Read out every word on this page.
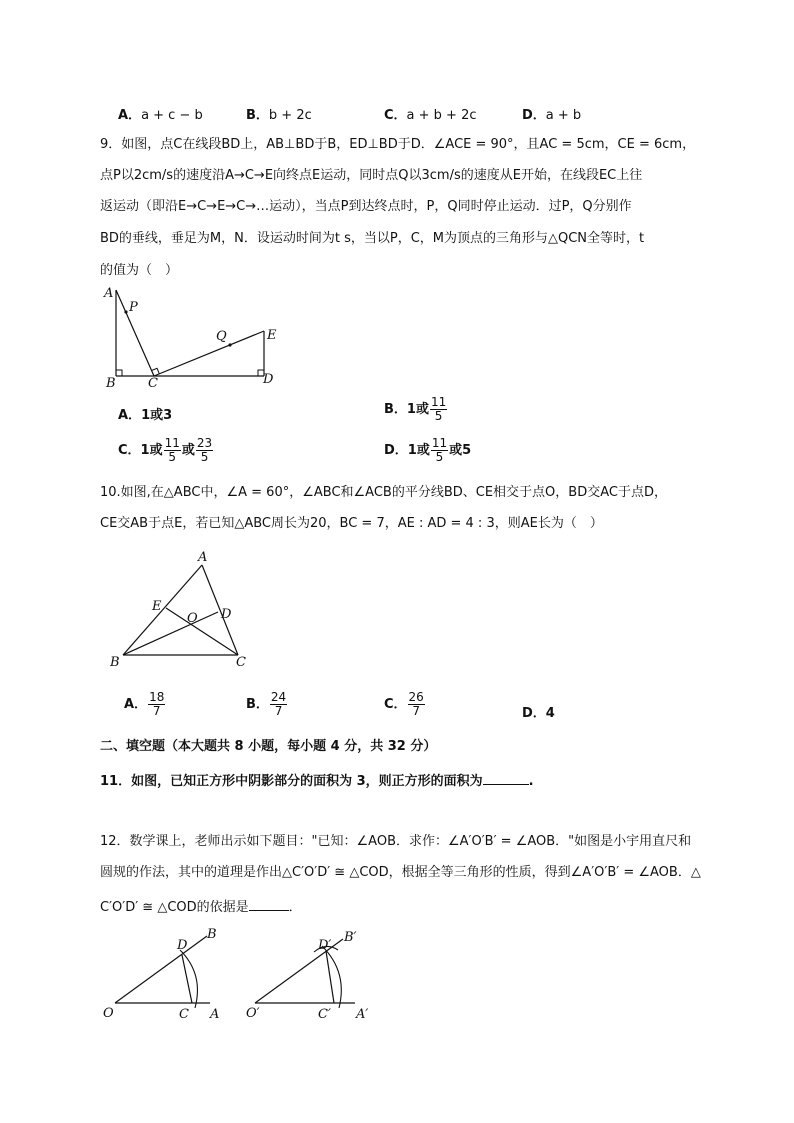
A．a + c − b	B．b + 2c	C．a + b + 2c	D．a + b
9．如图，点C在线段BD上，AB⊥BD于B，ED⊥BD于D．∠ACE = 90°，且AC = 5cm，CE = 6cm，
点P以2cm/s的速度沿A→C→E向终点E运动，同时点Q以3cm/s的速度从E开始，在线段EC上往
返运动（即沿E→C→E→C→…运动），当点P到达终点时，P，Q同时停止运动．过P，Q分别作
BD的垂线，垂足为M，N．设运动时间为t s，当以P，C，M为顶点的三角形与△QCN全等时，t
的值为（　）
A
P
Q	E
B C	D
A．1或3	B．1或 $\frac{11}{5}$
C．1或 $\frac{11}{5}$ 或 $\frac{23}{5}$	D．1或 $\frac{11}{5}$ 或5
10.如图,在△ABC中，∠A = 60°，∠ABC和∠ACB的平分线BD、CE相交于点O，BD交AC于点D，
CE交AB于点E，若已知△ABC周长为20，BC = 7，AE : AD = 4 : 3，则AE长为（　）
A
E
O D
B	C
A． $\frac{18}{7}$	B． $\frac{24}{7}$	C． $\frac{26}{7}$	D．4
二、填空题（本大题共 8 小题，每小题 4 分，共 32 分）
11．如图，已知正方形中阴影部分的面积为 3，则正方形的面积为	.
12．数学课上，老师出示如下题目："已知：∠AOB．求作：∠A′O′B′ = ∠AOB．"如图是小宇用直尺和
圆规的作法，其中的道理是作出△C′O′D′ ≅ △COD，根据全等三角形的性质，得到∠A′O′B′ = ∠AOB．△
C′O′D′ ≅ △COD的依据是	．
B
D
O	C A
B′
D′
O′	C′ A′
